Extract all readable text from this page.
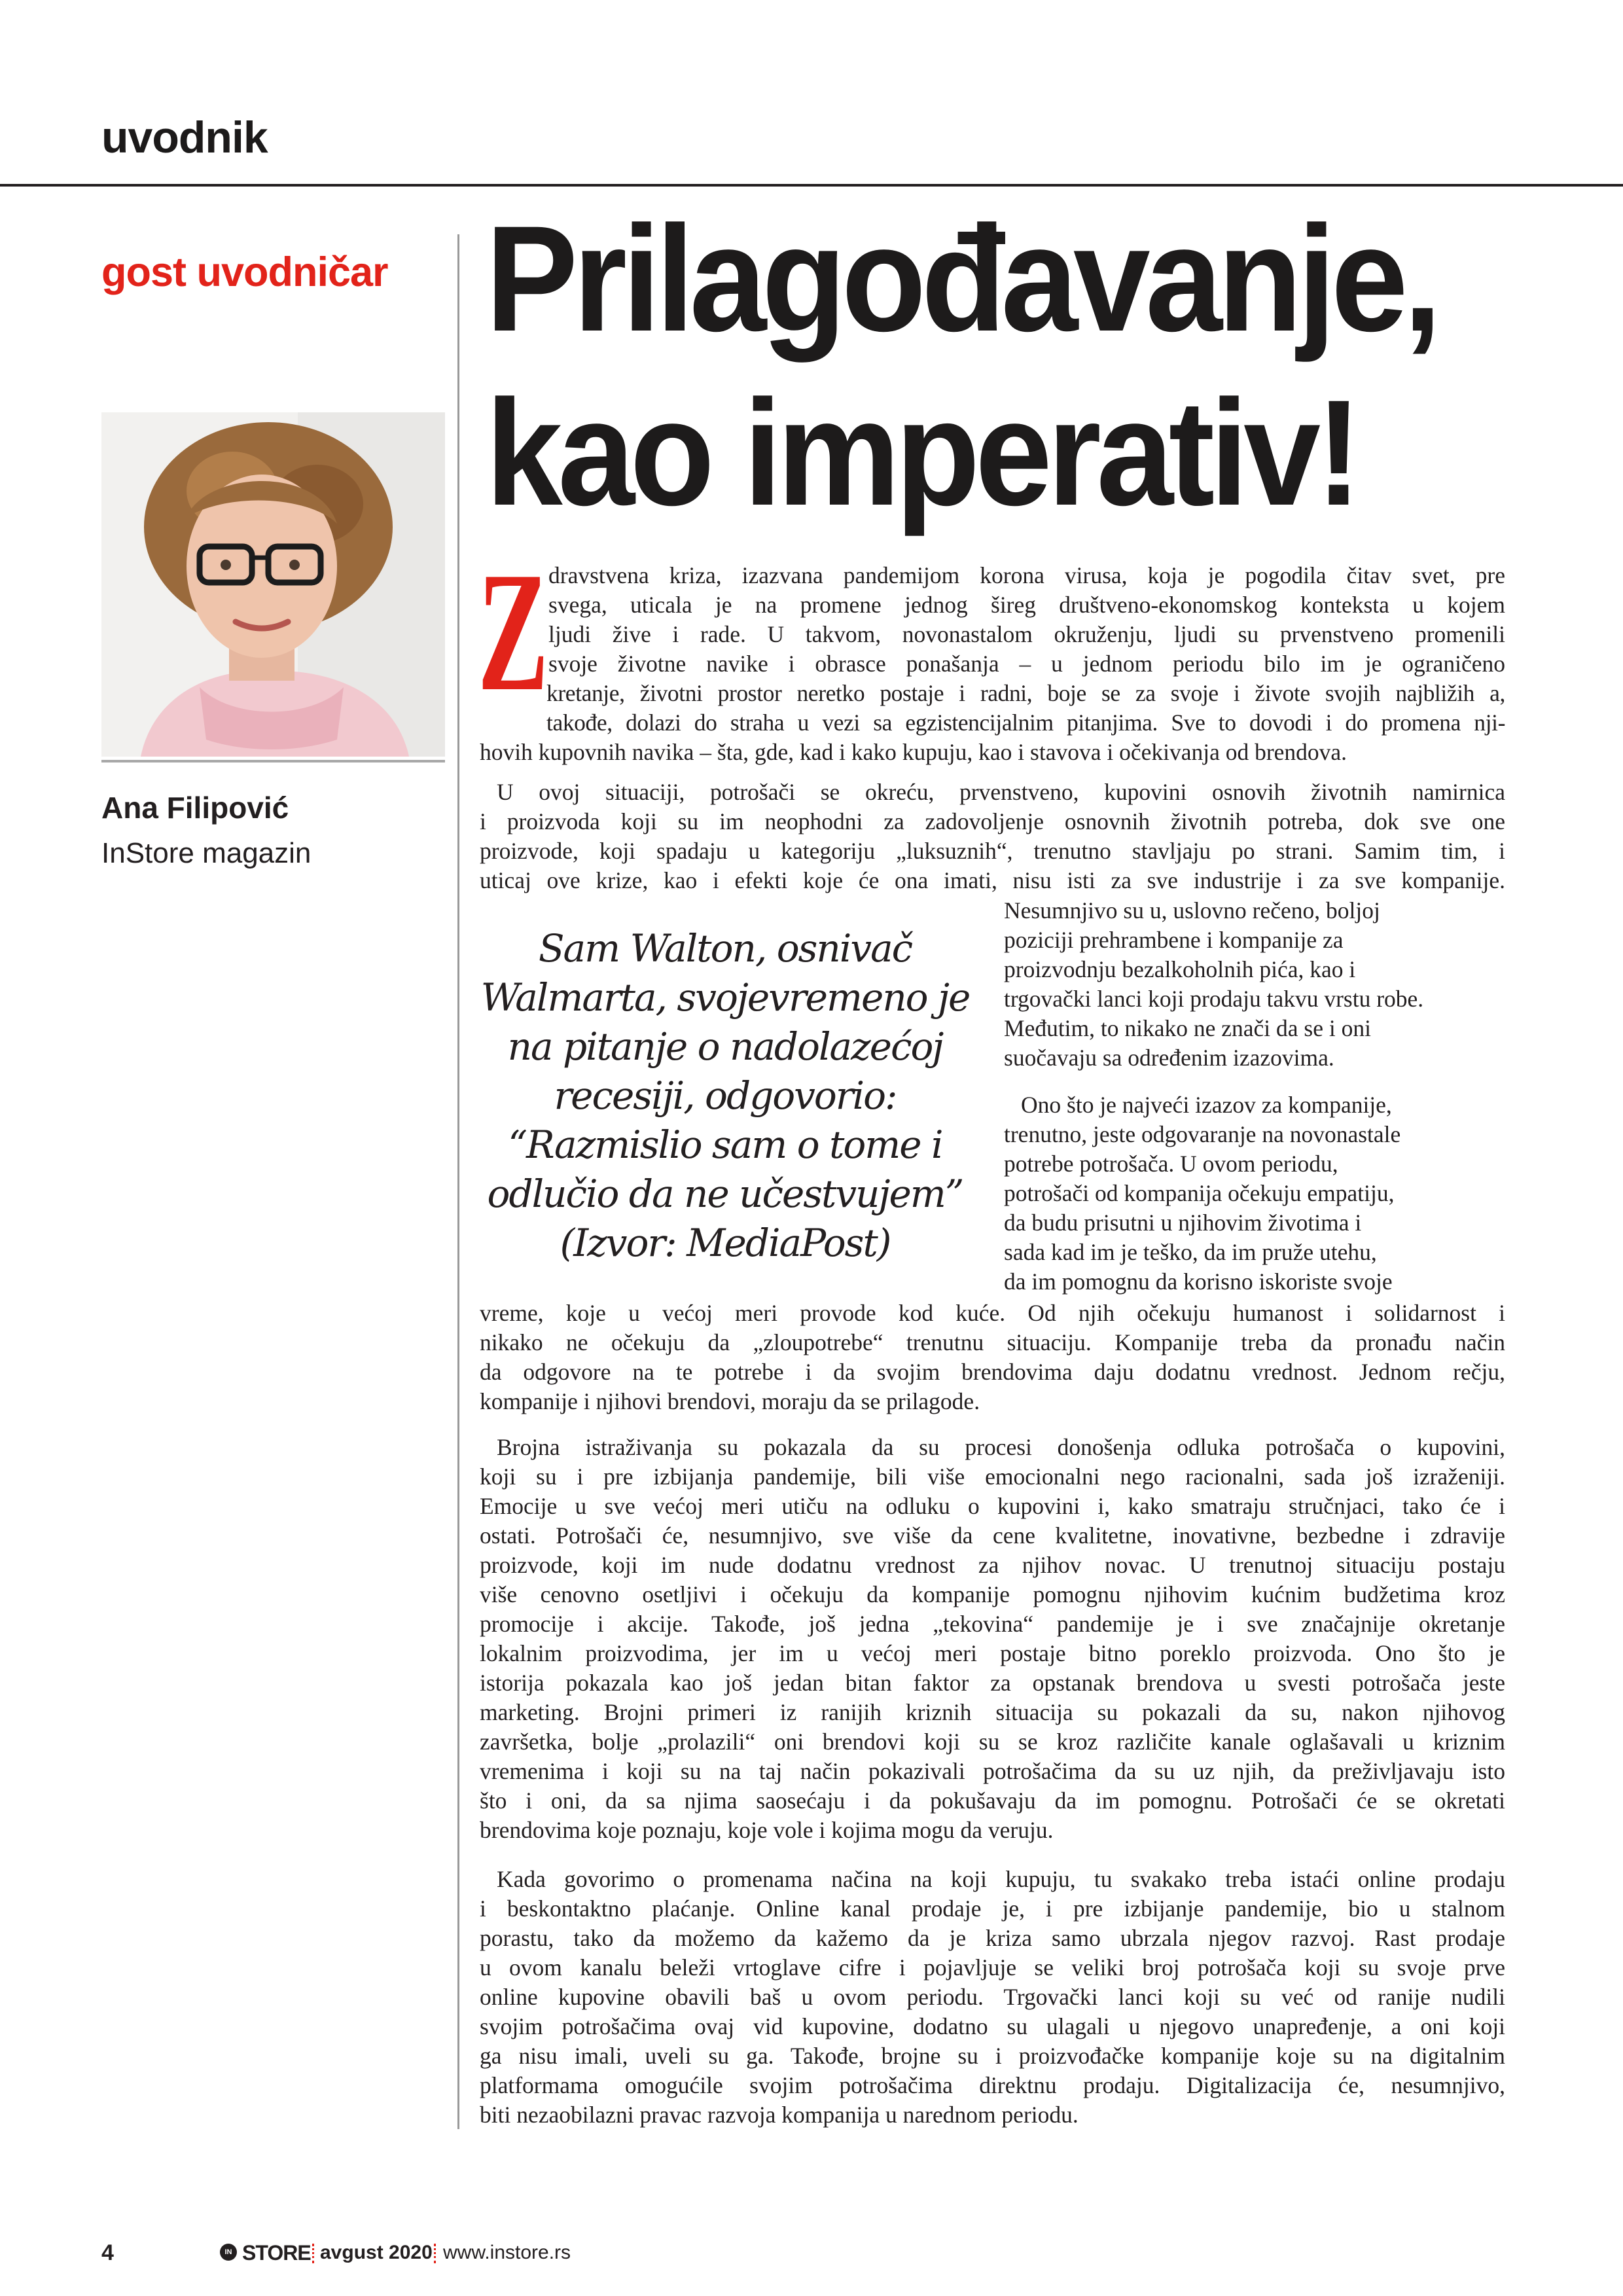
uvodnik
gost uvodničar
Ana Filipović
InStore magazin
Prilagođavanje,
kao imperativ!
Z dravstvena kriza, izazvana pandemijom korona virusa, koja je pogodila čitav svet, pre
svega, uticala je na promene jednog šireg društveno-ekonomskog konteksta u kojem
ljudi žive i rade. U takvom, novonastalom okruženju, ljudi su prvenstveno promenili
svoje životne navike i obrasce ponašanja – u jednom periodu bilo im je ograničeno
kretanje, životni prostor neretko postaje i radni, boje se za svoje i živote svojih najbližih a,
takođe, dolazi do straha u vezi sa egzistencijalnim pitanjima. Sve to dovodi i do promena nji-
hovih kupovnih navika – šta, gde, kad i kako kupuju, kao i stavova i očekivanja od brendova.
U ovoj situaciji, potrošači se okreću, prvenstveno, kupovini osnovih životnih namirnica
i proizvoda koji su im neophodni za zadovoljenje osnovnih životnih potreba, dok sve one
proizvode, koji spadaju u kategoriju „luksuznih“, trenutno stavljaju po strani. Samim tim, i
uticaj ove krize, kao i efekti koje će ona imati, nisu isti za sve industrije i za sve kompanije.
Nesumnjivo su u, uslovno rečeno, boljoj
poziciji prehrambene i kompanije za
proizvodnju bezalkoholnih pića, kao i
trgovački lanci koji prodaju takvu vrstu robe.
Međutim, to nikako ne znači da se i oni
suočavaju sa određenim izazovima.
Ono što je najveći izazov za kompanije,
trenutno, jeste odgovaranje na novonastale
potrebe potrošača. U ovom periodu,
potrošači od kompanija očekuju empatiju,
da budu prisutni u njihovim životima i
sada kad im je teško, da im pruže utehu,
da im pomognu da korisno iskoriste svoje
vreme, koje u većoj meri provode kod kuće. Od njih očekuju humanost i solidarnost i
nikako ne očekuju da „zloupotrebe“ trenutnu situaciju. Kompanije treba da pronađu način
da odgovore na te potrebe i da svojim brendovima daju dodatnu vrednost. Jednom rečju,
kompanije i njihovi brendovi, moraju da se prilagode.
Brojna istraživanja su pokazala da su procesi donošenja odluka potrošača o kupovini,
koji su i pre izbijanja pandemije, bili više emocionalni nego racionalni, sada još izraženiji.
Emocije u sve većoj meri utiču na odluku o kupovini i, kako smatraju stručnjaci, tako će i
ostati. Potrošači će, nesumnjivo, sve više da cene kvalitetne, inovativne, bezbedne i zdravije
proizvode, koji im nude dodatnu vrednost za njihov novac. U trenutnoj situaciju postaju
više cenovno osetljivi i očekuju da kompanije pomognu njihovim kućnim budžetima kroz
promocije i akcije. Takođe, još jedna „tekovina“ pandemije je i sve značajnije okretanje
lokalnim proizvodima, jer im u većoj meri postaje bitno poreklo proizvoda. Ono što je
istorija pokazala kao još jedan bitan faktor za opstanak brendova u svesti potrošača jeste
marketing. Brojni primeri iz ranijih kriznih situacija su pokazali da su, nakon njihovog
završetka, bolje „prolazili“ oni brendovi koji su se kroz različite kanale oglašavali u kriznim
vremenima i koji su na taj način pokazivali potrošačima da su uz njih, da preživljavaju isto
što i oni, da sa njima saosećaju i da pokušavaju da im pomognu. Potrošači će se okretati
brendovima koje poznaju, koje vole i kojima mogu da veruju.
Kada govorimo o promenama načina na koji kupuju, tu svakako treba istaći online prodaju
i beskontaktno plaćanje. Online kanal prodaje je, i pre izbijanje pandemije, bio u stalnom
porastu, tako da možemo da kažemo da je kriza samo ubrzala njegov razvoj. Rast prodaje
u ovom kanalu beleži vrtoglave cifre i pojavljuje se veliki broj potrošača koji su svoje prve
online kupovine obavili baš u ovom periodu. Trgovački lanci koji su već od ranije nudili
svojim potrošačima ovaj vid kupovine, dodatno su ulagali u njegovo unapređenje, a oni koji
ga nisu imali, uveli su ga. Takođe, brojne su i proizvođačke kompanije koje su na digitalnim
platformama omogućile svojim potrošačima direktnu prodaju. Digitalizacija će, nesumnjivo,
biti nezaobilazni pravac razvoja kompanija u narednom periodu.
Sam Walton, osnivač
Walmarta, svojevremeno je
na pitanje o nadolazećoj
recesiji, odgovorio:
“Razmislio sam o tome i
odlučio da ne učestvujem”
(Izvor: MediaPost)
4	IN STORE avgust 2020 www.instore.rs
